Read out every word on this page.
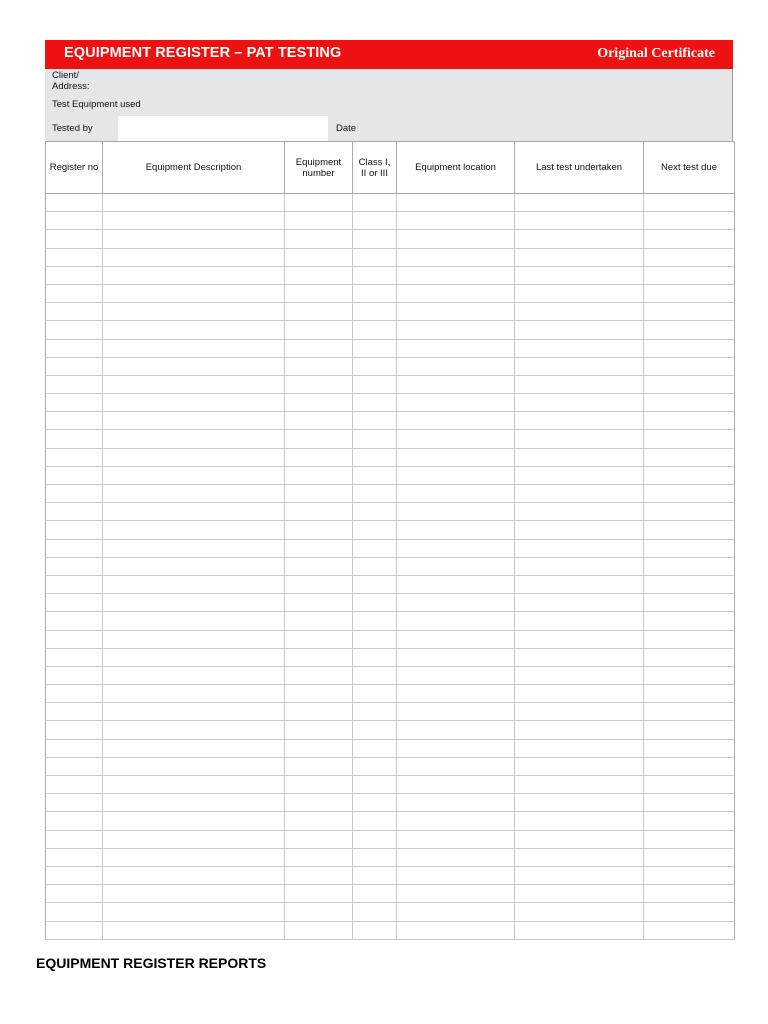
EQUIPMENT REGISTER – PAT TESTING	Original Certificate
Client/ Address:
Test Equipment used
Tested by	Date
Register no	Equipment Description	Equipment number	Class I, II or III	Equipment location	Last test undertaken	Next test due

EQUIPMENT REGISTER REPORTS
